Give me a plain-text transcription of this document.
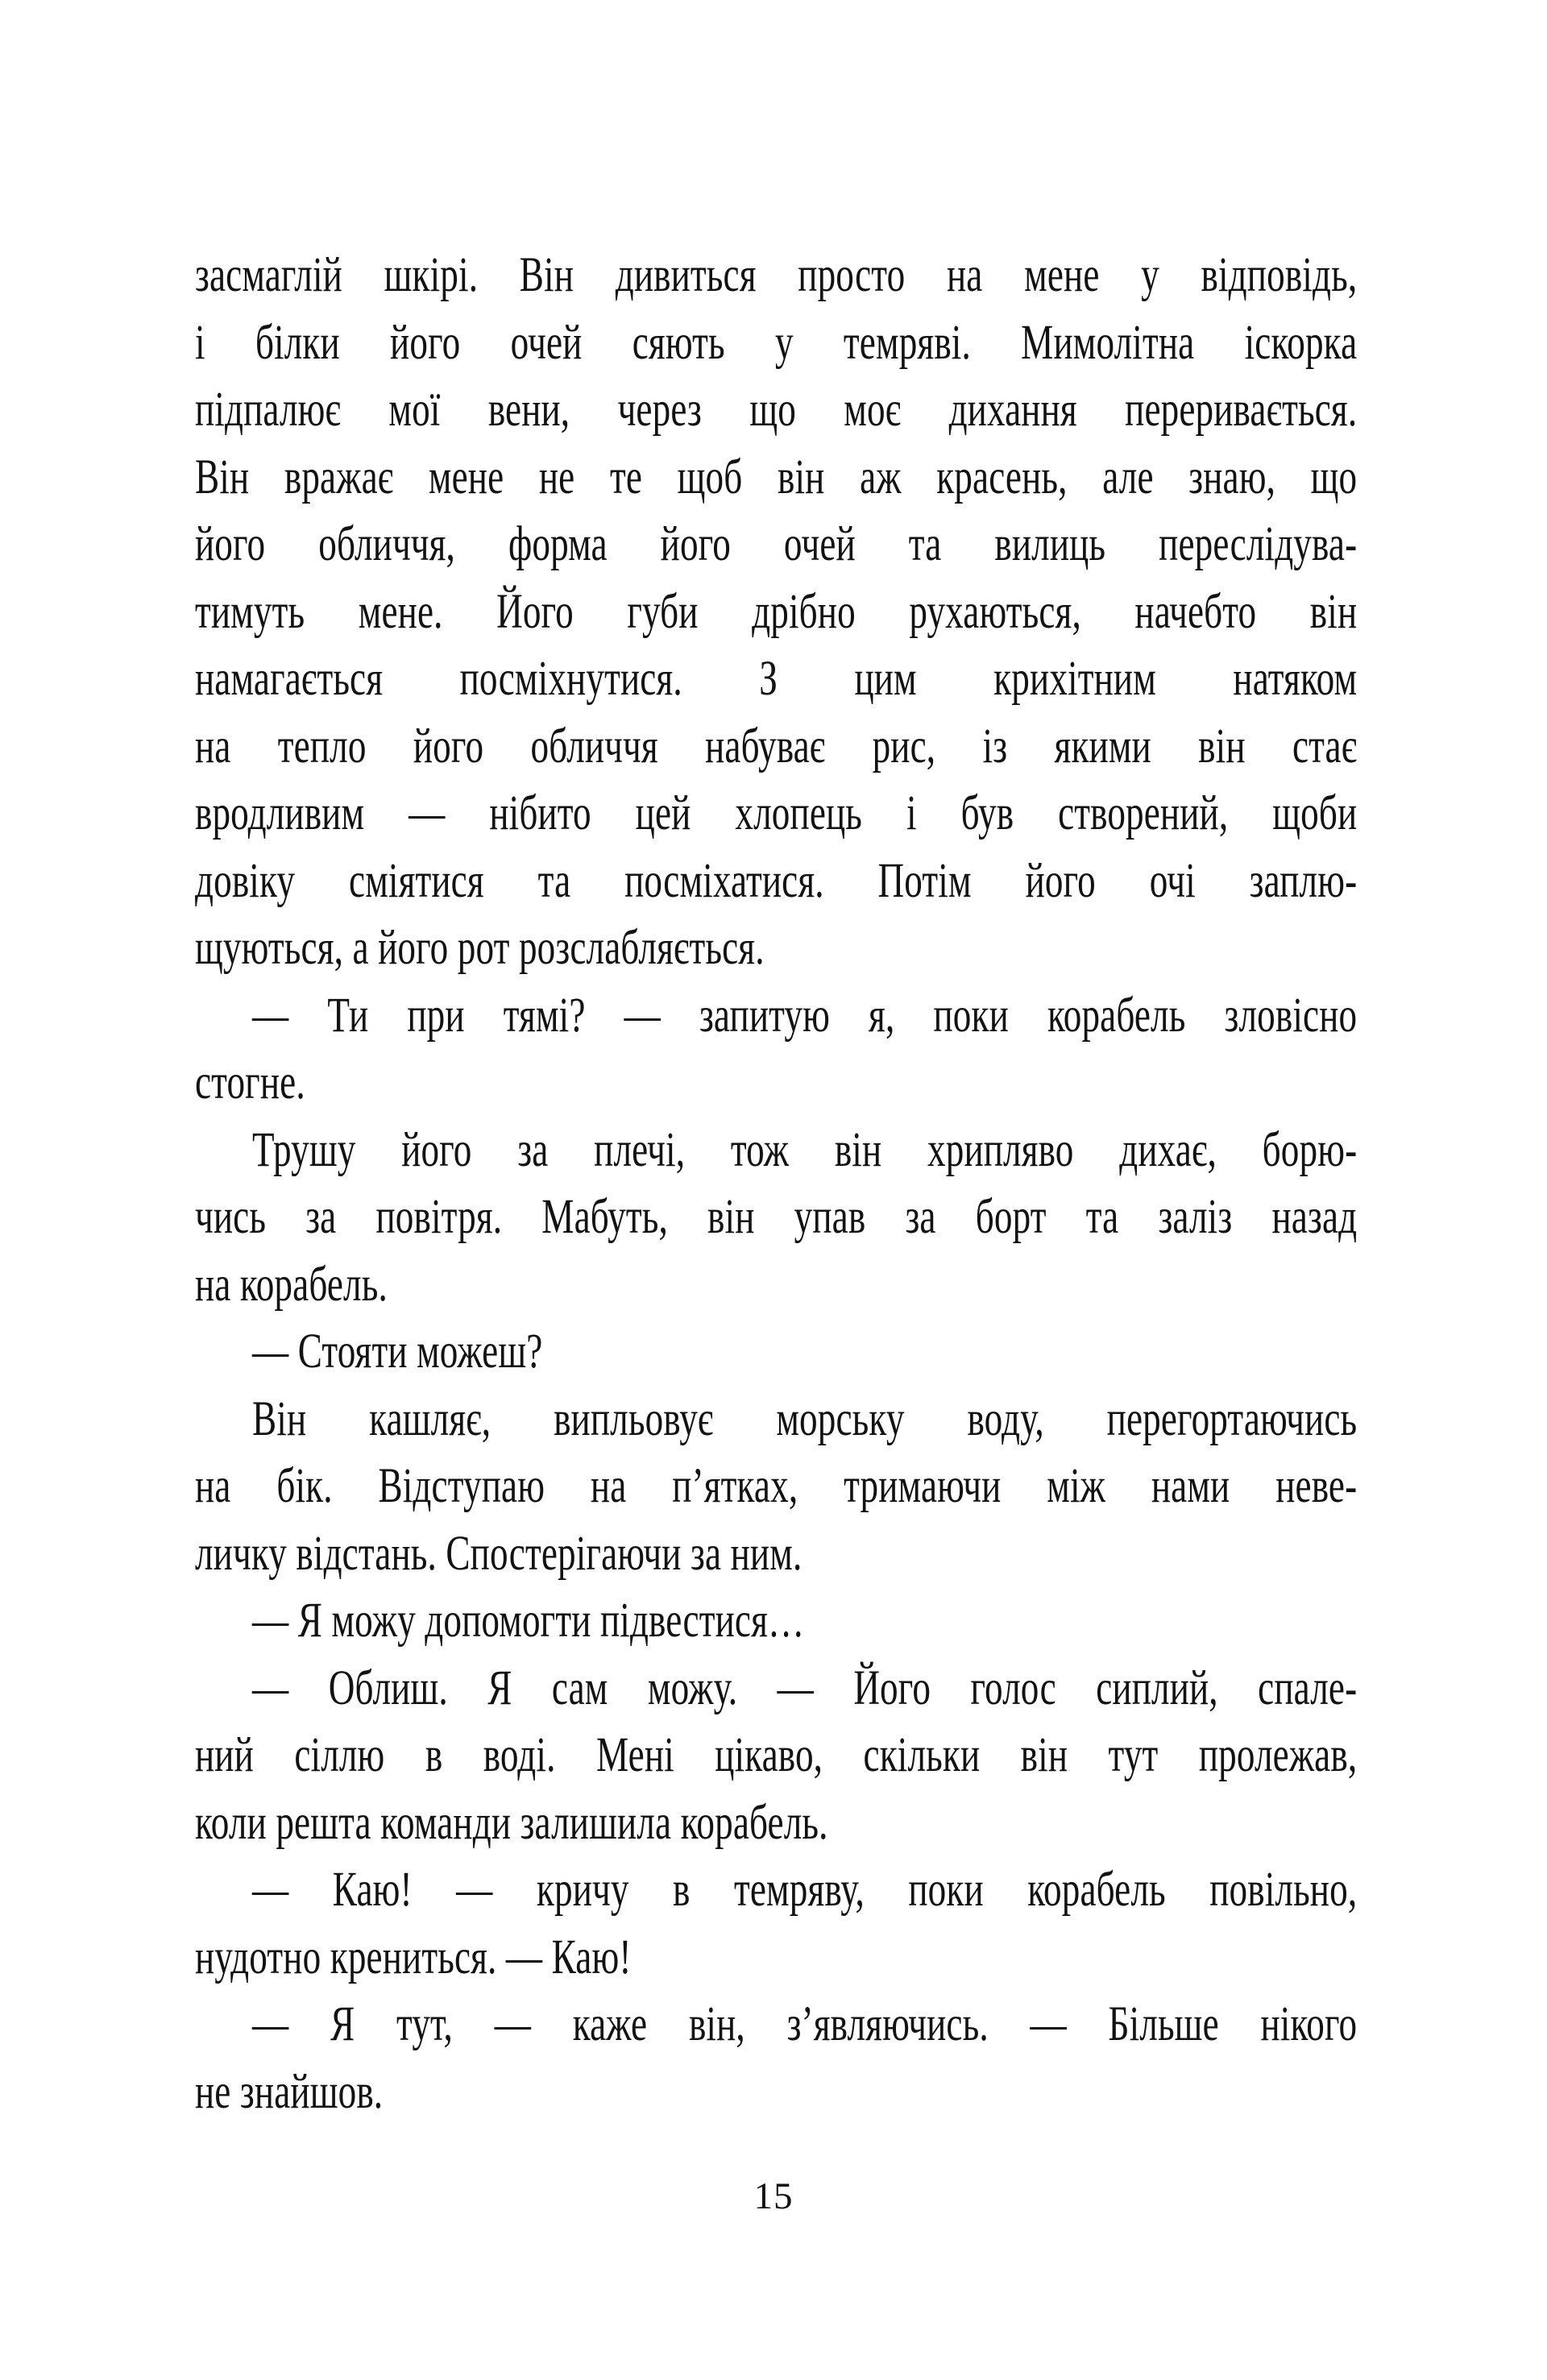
засмаглій шкірі. Він дивиться просто на мене у відповідь,
і білки його очей сяють у темряві. Мимолітна іскорка
підпалює мої вени, через що моє дихання переривається.
Він вражає мене не те щоб він аж красень, але знаю, що
його обличчя, форма його очей та вилиць переслідува-
тимуть мене. Його губи дрібно рухаються, начебто він
намагається посміхнутися. З цим крихітним натяком
на тепло його обличчя набуває рис, із якими він стає
вродливим — нібито цей хлопець і був створений, щоби
довіку сміятися та посміхатися. Потім його очі заплю-
щуються, а його рот розслабляється.
— Ти при тямі? — запитую я, поки корабель зловісно
стогне.
Трушу його за плечі, тож він хрипляво дихає, борю-
чись за повітря. Мабуть, він упав за борт та заліз назад
на корабель.
— Стояти можеш?
Він кашляє, випльовує морську воду, перегортаючись
на бік. Відступаю на п’ятках, тримаючи між нами неве-
личку відстань. Спостерігаючи за ним.
— Я можу допомогти підвестися…
— Облиш. Я сам можу. — Його голос сиплий, спале-
ний сіллю в воді. Мені цікаво, скільки він тут пролежав,
коли решта команди залишила корабель.
— Каю! — кричу в темряву, поки корабель повільно,
нудотно крениться. — Каю!
— Я тут, — каже він, з’являючись. — Більше нікого
не знайшов.
15
